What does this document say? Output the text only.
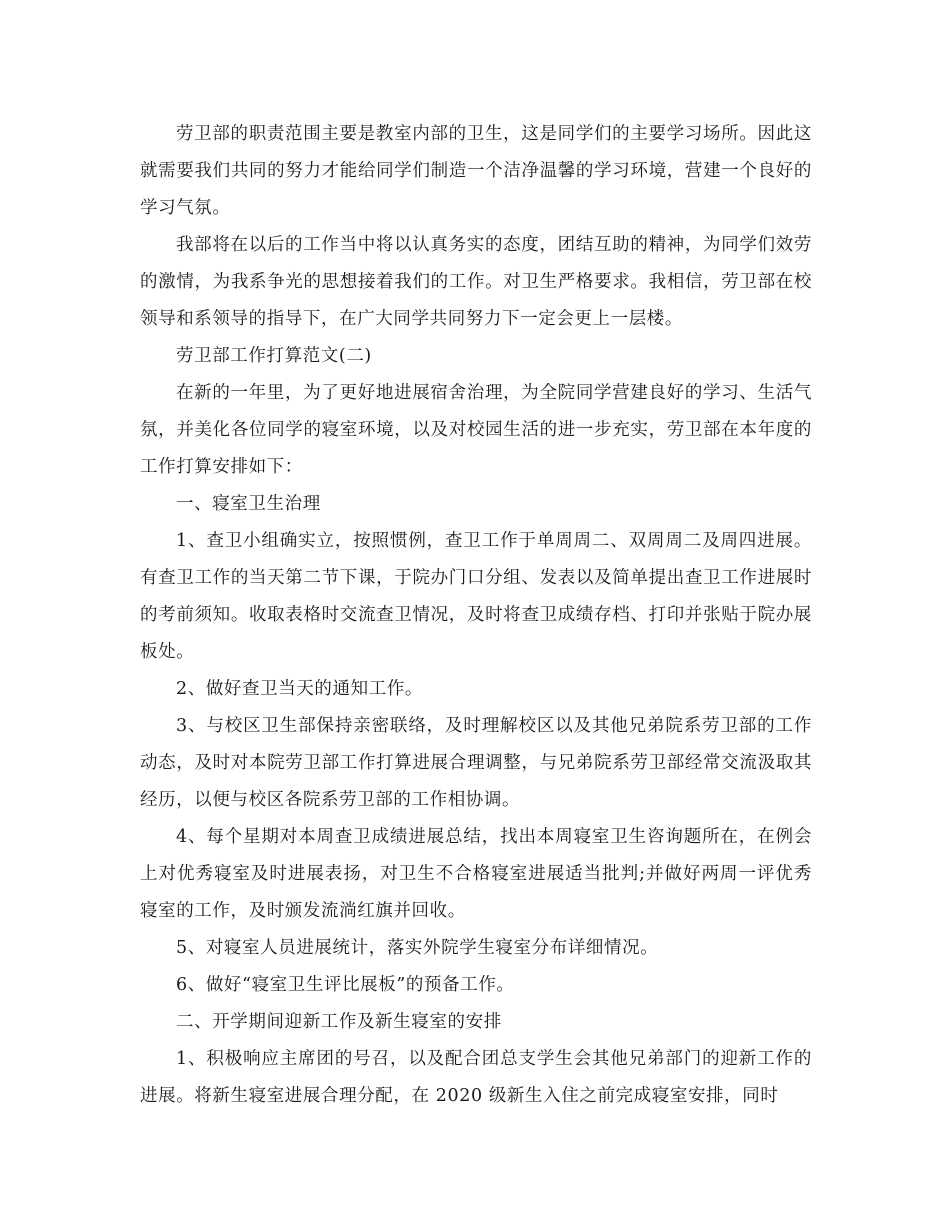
劳卫部的职责范围主要是教室内部的卫生，这是同学们的主要学习场所。因此这就需要我们共同的努力才能给同学们制造一个洁净温馨的学习环境，营建一个良好的学习气氛。

我部将在以后的工作当中将以认真务实的态度，团结互助的精神，为同学们效劳的激情，为我系争光的思想接着我们的工作。对卫生严格要求。我相信，劳卫部在校领导和系领导的指导下，在广大同学共同努力下一定会更上一层楼。

劳卫部工作打算范文(二)

在新的一年里，为了更好地进展宿舍治理，为全院同学营建良好的学习、生活气氛，并美化各位同学的寝室环境，以及对校园生活的进一步充实，劳卫部在本年度的工作打算安排如下：

一、寝室卫生治理

1、查卫小组确实立，按照惯例，查卫工作于单周周二、双周周二及周四进展。有查卫工作的当天第二节下课，于院办门口分组、发表以及简单提出查卫工作进展时的考前须知。收取表格时交流查卫情况，及时将查卫成绩存档、打印并张贴于院办展板处。

2、做好查卫当天的通知工作。

3、与校区卫生部保持亲密联络，及时理解校区以及其他兄弟院系劳卫部的工作动态，及时对本院劳卫部工作打算进展合理调整，与兄弟院系劳卫部经常交流汲取其经历，以便与校区各院系劳卫部的工作相协调。

4、每个星期对本周查卫成绩进展总结，找出本周寝室卫生咨询题所在，在例会上对优秀寝室及时进展表扬，对卫生不合格寝室进展适当批判;并做好两周一评优秀寝室的工作，及时颁发流淌红旗并回收。

5、对寝室人员进展统计，落实外院学生寝室分布详细情况。

6、做好“寝室卫生评比展板”的预备工作。

二、开学期间迎新工作及新生寝室的安排

1、积极响应主席团的号召，以及配合团总支学生会其他兄弟部门的迎新工作的进展。将新生寝室进展合理分配，在 2020 级新生入住之前完成寝室安排，同时
